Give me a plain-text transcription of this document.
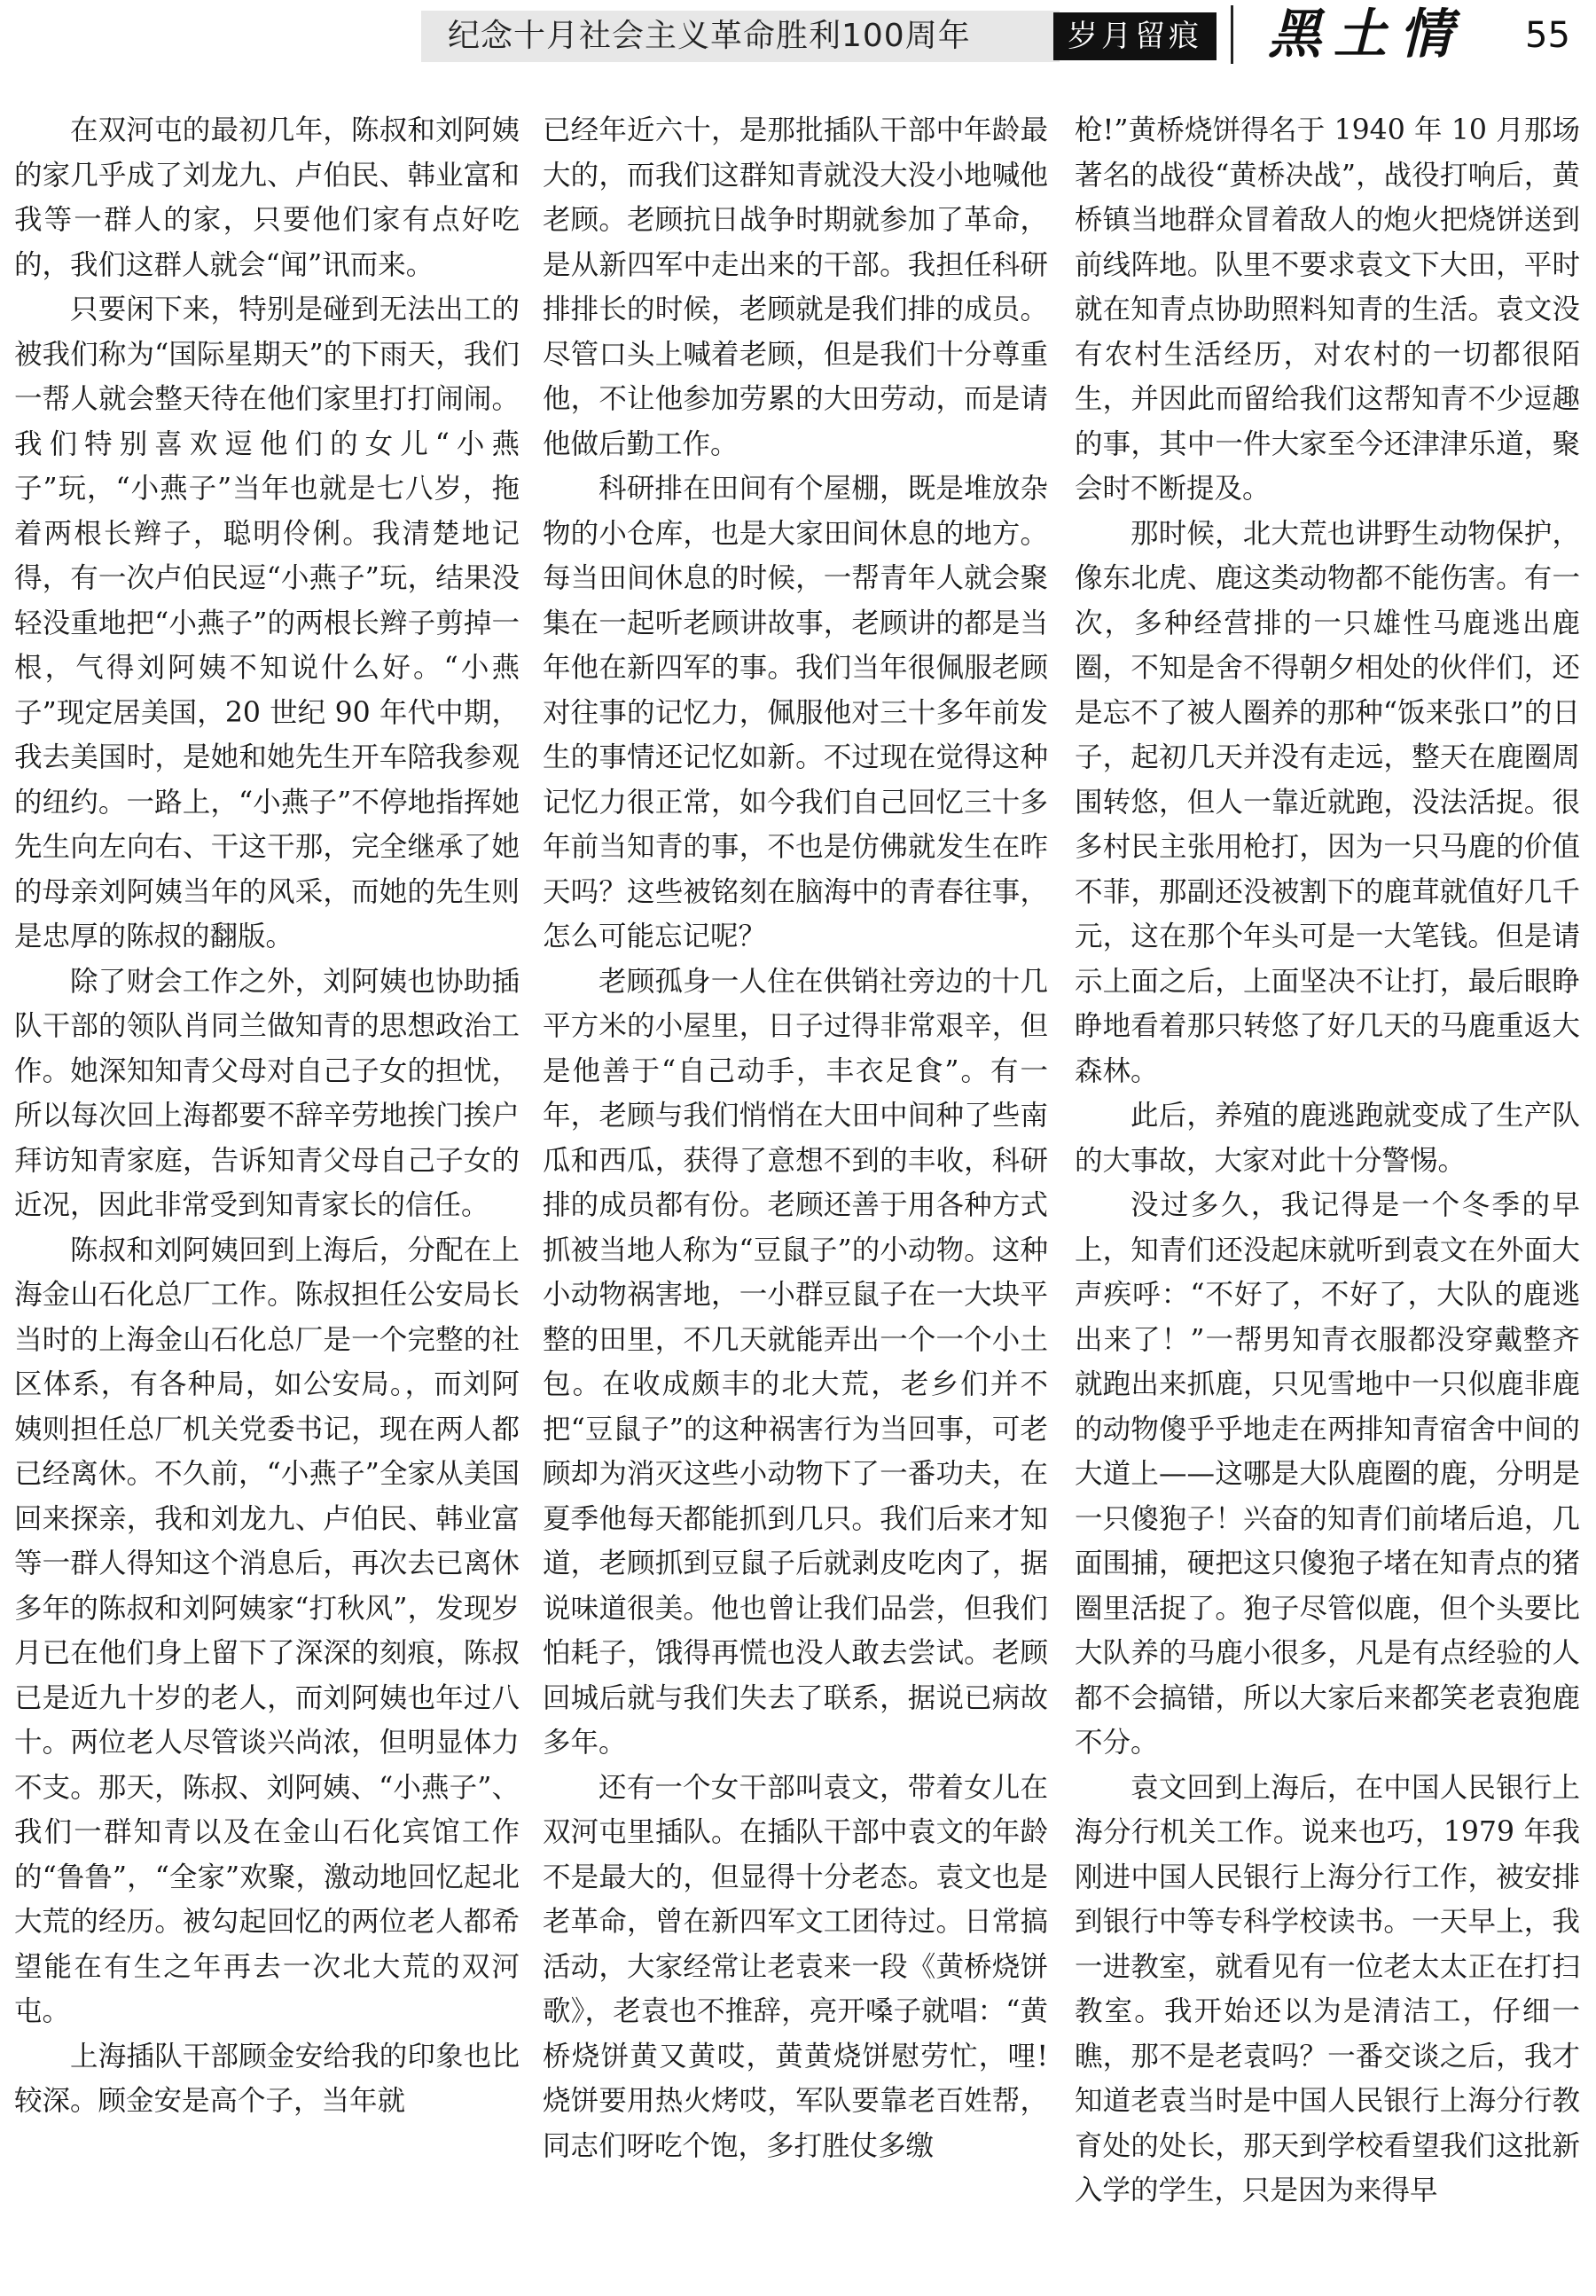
纪念十月社会主义革命胜利100周年	岁月留痕 黑土情 55

在双河屯的最初几年，陈叔和刘阿姨的家几乎成了刘龙九、卢伯民、韩业富和我等一群人的家，只要他们家有点好吃的，我们这群人就会“闻”讯而来。

只要闲下来，特别是碰到无法出工的被我们称为“国际星期天”的下雨天，我们一帮人就会整天待在他们家里打打闹闹。我们特别喜欢逗他们的女儿“小燕子”玩，“小燕子”当年也就是七八岁，拖着两根长辫子，聪明伶俐。我清楚地记得，有一次卢伯民逗“小燕子”玩，结果没轻没重地把“小燕子”的两根长辫子剪掉一根，气得刘阿姨不知说什么好。“小燕子”现定居美国，20 世纪 90 年代中期，我去美国时，是她和她先生开车陪我参观的纽约。一路上，“小燕子”不停地指挥她先生向左向右、干这干那，完全继承了她的母亲刘阿姨当年的风采，而她的先生则是忠厚的陈叔的翻版。

除了财会工作之外，刘阿姨也协助插队干部的领队肖同兰做知青的思想政治工作。她深知知青父母对自己子女的担忧，所以每次回上海都要不辞辛劳地挨门挨户拜访知青家庭，告诉知青父母自己子女的近况，因此非常受到知青家长的信任。

陈叔和刘阿姨回到上海后，分配在上海金山石化总厂工作。陈叔担任公安局长当时的上海金山石化总厂是一个完整的社区体系，有各种局，如公安局。，而刘阿姨则担任总厂机关党委书记，现在两人都已经离休。不久前，“小燕子”全家从美国回来探亲，我和刘龙九、卢伯民、韩业富等一群人得知这个消息后，再次去已离休多年的陈叔和刘阿姨家“打秋风”，发现岁月已在他们身上留下了深深的刻痕，陈叔已是近九十岁的老人，而刘阿姨也年过八十。两位老人尽管谈兴尚浓，但明显体力不支。那天，陈叔、刘阿姨、“小燕子”、我们一群知青以及在金山石化宾馆工作的“鲁鲁”，“全家”欢聚，激动地回忆起北大荒的经历。被勾起回忆的两位老人都希望能在有生之年再去一次北大荒的双河屯。

上海插队干部顾金安给我的印象也比较深。顾金安是高个子，当年就

已经年近六十，是那批插队干部中年龄最大的，而我们这群知青就没大没小地喊他老顾。老顾抗日战争时期就参加了革命，是从新四军中走出来的干部。我担任科研排排长的时候，老顾就是我们排的成员。尽管口头上喊着老顾，但是我们十分尊重他，不让他参加劳累的大田劳动，而是请他做后勤工作。

科研排在田间有个屋棚，既是堆放杂物的小仓库，也是大家田间休息的地方。每当田间休息的时候，一帮青年人就会聚集在一起听老顾讲故事，老顾讲的都是当年他在新四军的事。我们当年很佩服老顾对往事的记忆力，佩服他对三十多年前发生的事情还记忆如新。不过现在觉得这种记忆力很正常，如今我们自己回忆三十多年前当知青的事，不也是仿佛就发生在昨天吗？这些被铭刻在脑海中的青春往事，怎么可能忘记呢？

老顾孤身一人住在供销社旁边的十几平方米的小屋里，日子过得非常艰辛，但是他善于“自己动手，丰衣足食”。有一年，老顾与我们悄悄在大田中间种了些南瓜和西瓜，获得了意想不到的丰收，科研排的成员都有份。老顾还善于用各种方式抓被当地人称为“豆鼠子”的小动物。这种小动物祸害地，一小群豆鼠子在一大块平整的田里，不几天就能弄出一个一个小土包。在收成颇丰的北大荒，老乡们并不把“豆鼠子”的这种祸害行为当回事，可老顾却为消灭这些小动物下了一番功夫，在夏季他每天都能抓到几只。我们后来才知道，老顾抓到豆鼠子后就剥皮吃肉了，据说味道很美。他也曾让我们品尝，但我们怕耗子，饿得再慌也没人敢去尝试。老顾回城后就与我们失去了联系，据说已病故多年。

还有一个女干部叫袁文，带着女儿在双河屯里插队。在插队干部中袁文的年龄不是最大的，但显得十分老态。袁文也是老革命，曾在新四军文工团待过。日常搞活动，大家经常让老袁来一段《黄桥烧饼歌》，老袁也不推辞，亮开嗓子就唱：“黄桥烧饼黄又黄哎，黄黄烧饼慰劳忙，哩!烧饼要用热火烤哎，军队要靠老百姓帮，同志们呀吃个饱，多打胜仗多缴

枪!”黄桥烧饼得名于 1940 年 10 月那场著名的战役“黄桥决战”，战役打响后，黄桥镇当地群众冒着敌人的炮火把烧饼送到前线阵地。队里不要求袁文下大田，平时就在知青点协助照料知青的生活。袁文没有农村生活经历，对农村的一切都很陌生，并因此而留给我们这帮知青不少逗趣的事，其中一件大家至今还津津乐道，聚会时不断提及。

那时候，北大荒也讲野生动物保护，像东北虎、鹿这类动物都不能伤害。有一次，多种经营排的一只雄性马鹿逃出鹿圈，不知是舍不得朝夕相处的伙伴们，还是忘不了被人圈养的那种“饭来张口”的日子，起初几天并没有走远，整天在鹿圈周围转悠，但人一靠近就跑，没法活捉。很多村民主张用枪打，因为一只马鹿的价值不菲，那副还没被割下的鹿茸就值好几千元，这在那个年头可是一大笔钱。但是请示上面之后，上面坚决不让打，最后眼睁睁地看着那只转悠了好几天的马鹿重返大森林。

此后，养殖的鹿逃跑就变成了生产队的大事故，大家对此十分警惕。

没过多久，我记得是一个冬季的早上，知青们还没起床就听到袁文在外面大声疾呼：“不好了，不好了，大队的鹿逃出来了！”一帮男知青衣服都没穿戴整齐就跑出来抓鹿，只见雪地中一只似鹿非鹿的动物傻乎乎地走在两排知青宿舍中间的大道上——这哪是大队鹿圈的鹿，分明是一只傻狍子！兴奋的知青们前堵后追，几面围捕，硬把这只傻狍子堵在知青点的猪圈里活捉了。狍子尽管似鹿，但个头要比大队养的马鹿小很多，凡是有点经验的人都不会搞错，所以大家后来都笑老袁狍鹿不分。

袁文回到上海后，在中国人民银行上海分行机关工作。说来也巧，1979 年我刚进中国人民银行上海分行工作，被安排到银行中等专科学校读书。一天早上，我一进教室，就看见有一位老太太正在打扫教室。我开始还以为是清洁工，仔细一瞧，那不是老袁吗？一番交谈之后，我才知道老袁当时是中国人民银行上海分行教育处的处长，那天到学校看望我们这批新入学的学生，只是因为来得早
